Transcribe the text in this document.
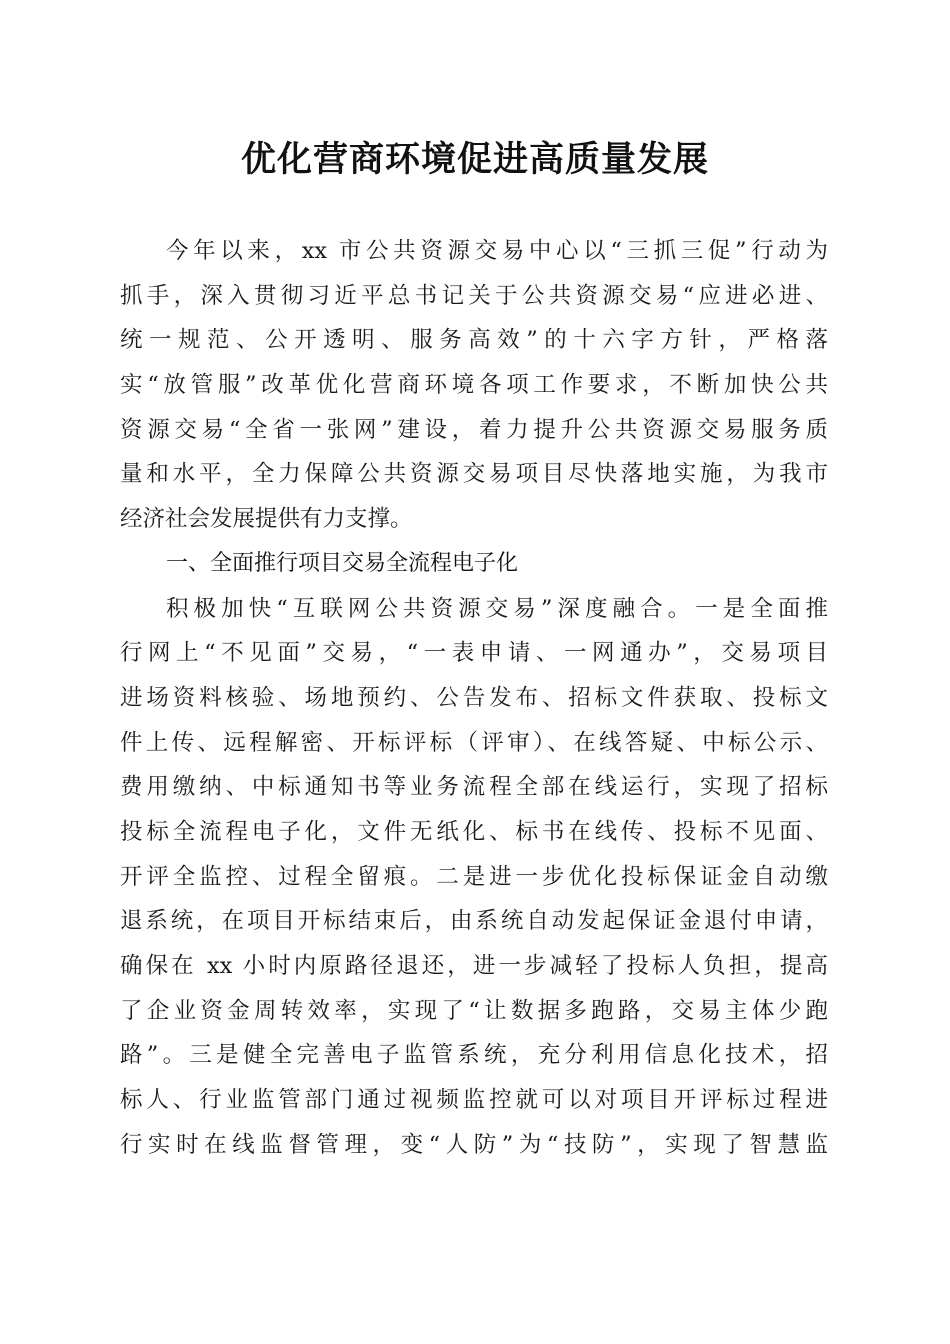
优化营商环境促进高质量发展
今年以来，xx 市公共资源交易中心以“三抓三促”行动为
抓手，深入贯彻习近平总书记关于公共资源交易“应进必进、
统一规范、公开透明、服务高效”的十六字方针，严格落
实“放管服”改革优化营商环境各项工作要求，不断加快公共
资源交易“全省一张网”建设，着力提升公共资源交易服务质
量和水平，全力保障公共资源交易项目尽快落地实施，为我市
经济社会发展提供有力支撑。
一、全面推行项目交易全流程电子化
积极加快“互联网公共资源交易”深度融合。一是全面推
行网上“不见面”交易，“一表申请、一网通办”，交易项目
进场资料核验、场地预约、公告发布、招标文件获取、投标文
件上传、远程解密、开标评标（评审）、在线答疑、中标公示、
费用缴纳、中标通知书等业务流程全部在线运行，实现了招标
投标全流程电子化，文件无纸化、标书在线传、投标不见面、
开评全监控、过程全留痕。二是进一步优化投标保证金自动缴
退系统，在项目开标结束后，由系统自动发起保证金退付申请，
确保在 xx 小时内原路径退还，进一步减轻了投标人负担，提高
了企业资金周转效率，实现了“让数据多跑路，交易主体少跑
路”。三是健全完善电子监管系统，充分利用信息化技术，招
标人、行业监管部门通过视频监控就可以对项目开评标过程进
行实时在线监督管理，变“人防”为“技防”，实现了智慧监
